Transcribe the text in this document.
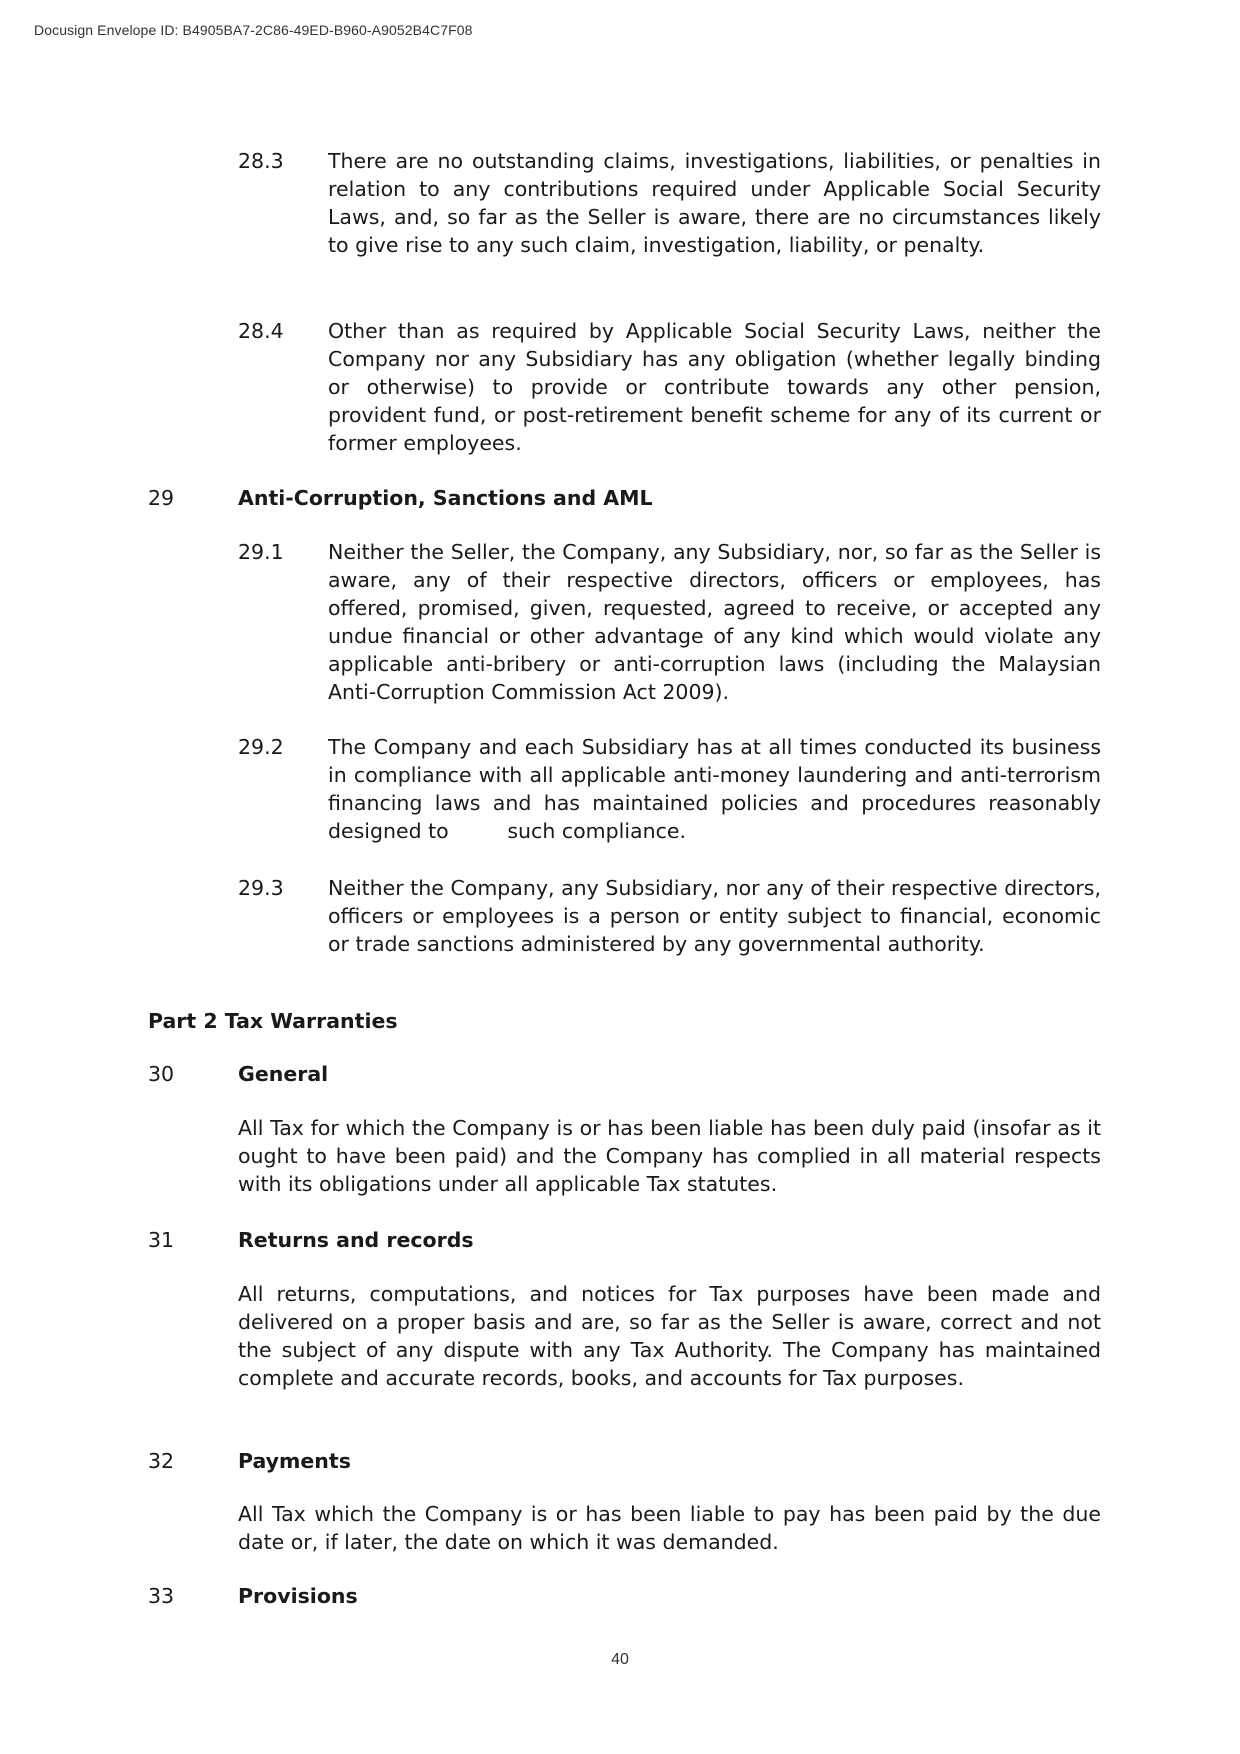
Docusign Envelope ID: B4905BA7-2C86-49ED-B960-A9052B4C7F08
28.3 There are no outstanding claims, investigations, liabilities, or penalties in relation to any contributions required under Applicable Social Security Laws, and, so far as the Seller is aware, there are no circumstances likely to give rise to any such claim, investigation, liability, or penalty.
28.4 Other than as required by Applicable Social Security Laws, neither the Company nor any Subsidiary has any obligation (whether legally binding or otherwise) to provide or contribute towards any other pension, provident fund, or post-retirement benefit scheme for any of its current or former employees.
29	Anti-Corruption, Sanctions and AML
29.1 Neither the Seller, the Company, any Subsidiary, nor, so far as the Seller is aware, any of their respective directors, officers or employees, has offered, promised, given, requested, agreed to receive, or accepted any undue financial or other advantage of any kind which would violate any applicable anti-bribery or anti-corruption laws (including the Malaysian Anti-Corruption Commission Act 2009).
29.2 The Company and each Subsidiary has at all times conducted its business in compliance with all applicable anti-money laundering and anti-terrorism financing laws and has maintained policies and procedures reasonably designed to         such compliance.
29.3 Neither the Company, any Subsidiary, nor any of their respective directors, officers or employees is a person or entity subject to financial, economic or trade sanctions administered by any governmental authority.
Part 2 Tax Warranties
30	General
All Tax for which the Company is or has been liable has been duly paid (insofar as it ought to have been paid) and the Company has complied in all material respects with its obligations under all applicable Tax statutes.
31	Returns and records
All returns, computations, and notices for Tax purposes have been made and delivered on a proper basis and are, so far as the Seller is aware, correct and not the subject of any dispute with any Tax Authority. The Company has maintained complete and accurate records, books, and accounts for Tax purposes.
32	Payments
All Tax which the Company is or has been liable to pay has been paid by the due date or, if later, the date on which it was demanded.
33	Provisions
40
